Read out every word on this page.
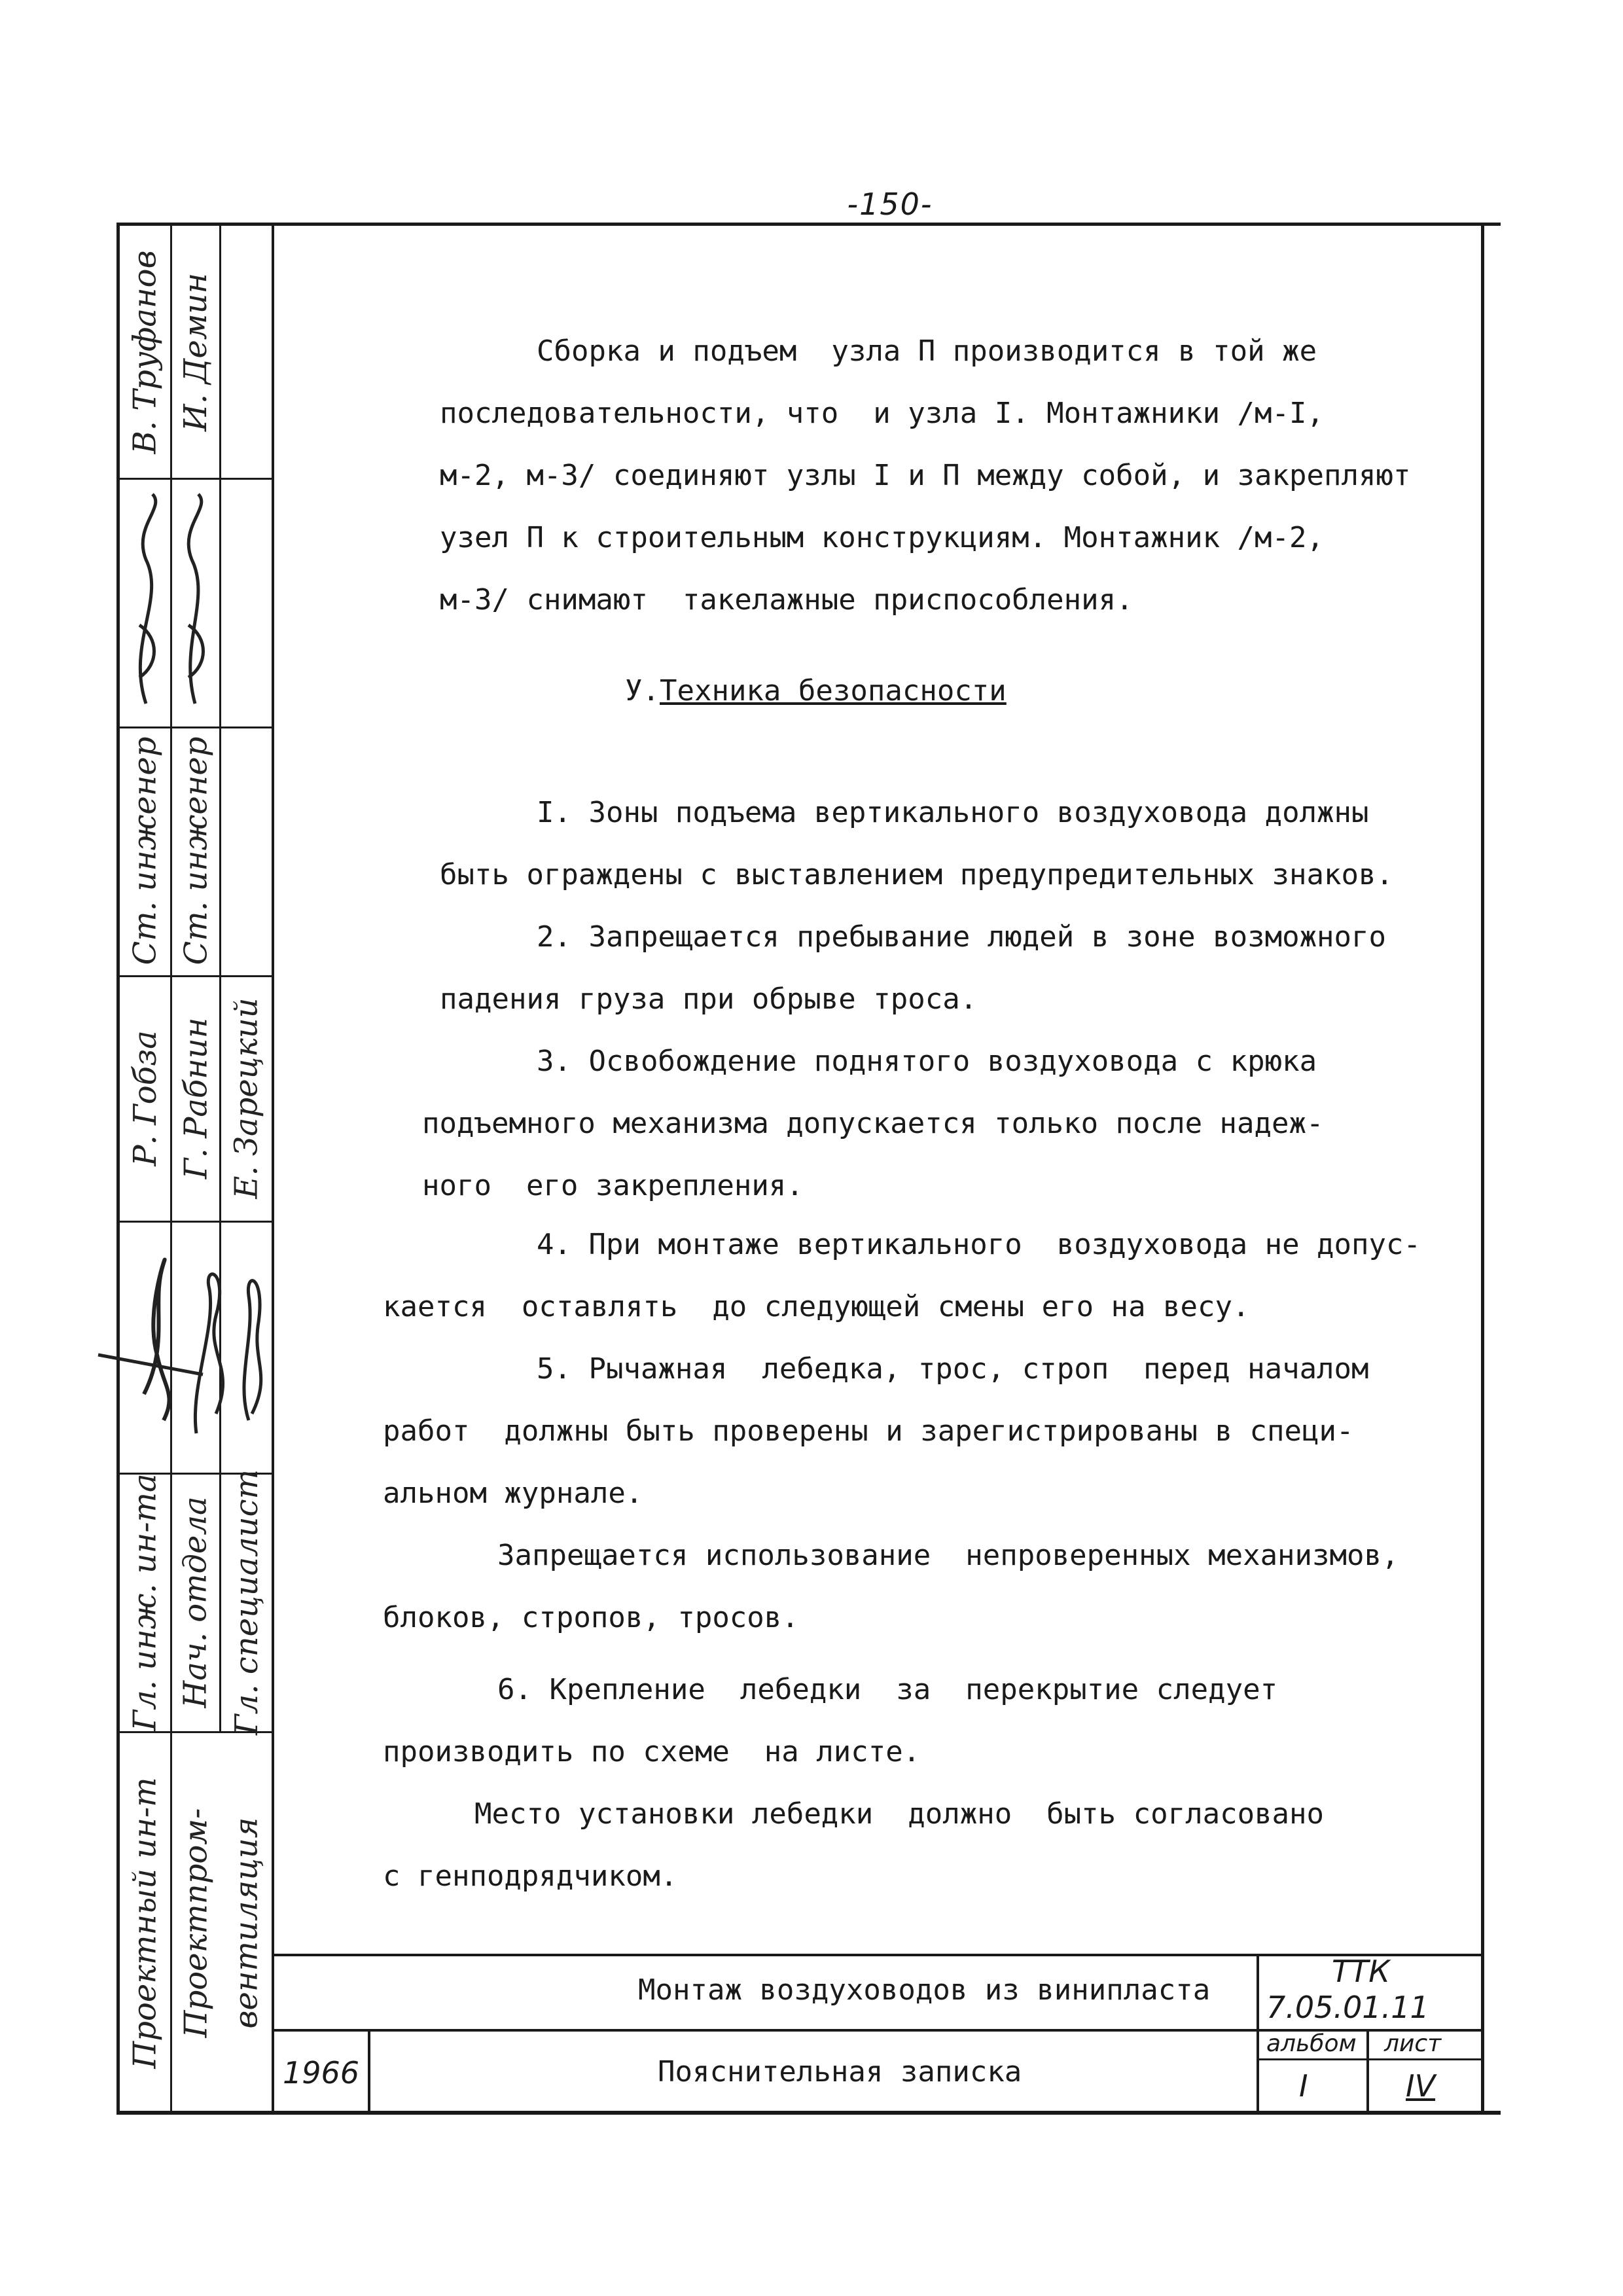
-150-
В. Труфанов
Ст. инженер
Р. Гобза
Гл. инж. ин-та
Проектный ин-т
И. Демин
Ст. инженер
Г. Рабнин
Нач. отдела
Проектпром-
Е. Зарецкий
Гл. специалист
вентиляция
Сборка и подъем  узла П производится в той же
последовательности, что  и узла I. Монтажники /м-I,
м-2, м-3/ соединяют узлы I и П между собой, и закрепляют
узел П к строительным конструкциям. Монтажник /м-2,
м-3/ снимают  такелажные приспособления.
У.Техника безопасности
I. Зоны подъема вертикального воздуховода должны
быть ограждены с выставлением предупредительных знаков.
2. Запрещается пребывание людей в зоне возможного
падения груза при обрыве троса.
3. Освобождение поднятого воздуховода с крюка
подъемного механизма допускается только после надеж-
ного  его закрепления.
4. При монтаже вертикального  воздуховода не допус-
кается  оставлять  до следующей смены его на весу.
5. Рычажная  лебедка, трос, строп  перед началом
работ  должны быть проверены и зарегистрированы в специ-
альном журнале.
Запрещается использование  непроверенных механизмов,
блоков, стропов, тросов.
6. Крепление  лебедки  за  перекрытие следует
производить по схеме  на листе.
Место установки лебедки  должно  быть согласовано
с генподрядчиком.
Монтаж воздуховодов из винипласта
Пояснительная записка
1966
ТТК
7.05.01.11
альбом
I
лист
IV
